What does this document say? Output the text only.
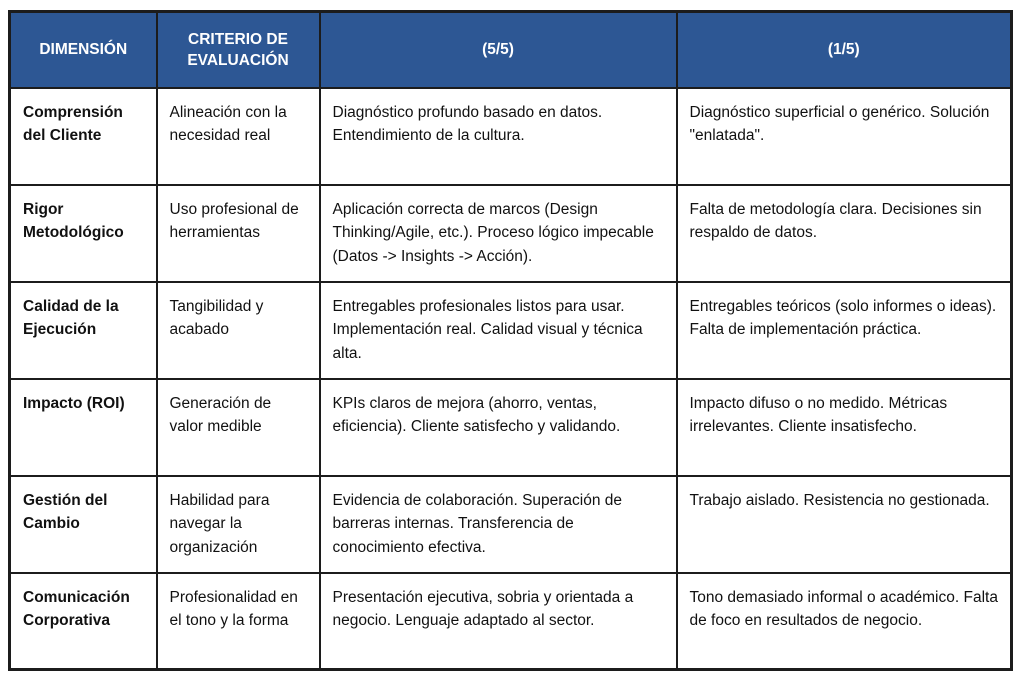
DIMENSIÓN	CRITERIO DE EVALUACIÓN	(5/5)	(1/5)
Comprensión del Cliente	Alineación con la necesidad real	Diagnóstico profundo basado en datos. Entendimiento de la cultura.	Diagnóstico superficial o genérico. Solución "enlatada".
Rigor Metodológico	Uso profesional de herramientas	Aplicación correcta de marcos (Design Thinking/Agile, etc.). Proceso lógico impecable (Datos -> Insights -> Acción).	Falta de metodología clara. Decisiones sin respaldo de datos.
Calidad de la Ejecución	Tangibilidad y acabado	Entregables profesionales listos para usar. Implementación real. Calidad visual y técnica alta.	Entregables teóricos (solo informes o ideas). Falta de implementación práctica.
Impacto (ROI)	Generación de valor medible	KPIs claros de mejora (ahorro, ventas, eficiencia). Cliente satisfecho y validando.	Impacto difuso o no medido. Métricas irrelevantes. Cliente insatisfecho.
Gestión del Cambio	Habilidad para navegar la organización	Evidencia de colaboración. Superación de barreras internas. Transferencia de conocimiento efectiva.	Trabajo aislado. Resistencia no gestionada.
Comunicación Corporativa	Profesionalidad en el tono y la forma	Presentación ejecutiva, sobria y orientada a negocio. Lenguaje adaptado al sector.	Tono demasiado informal o académico. Falta de foco en resultados de negocio.
